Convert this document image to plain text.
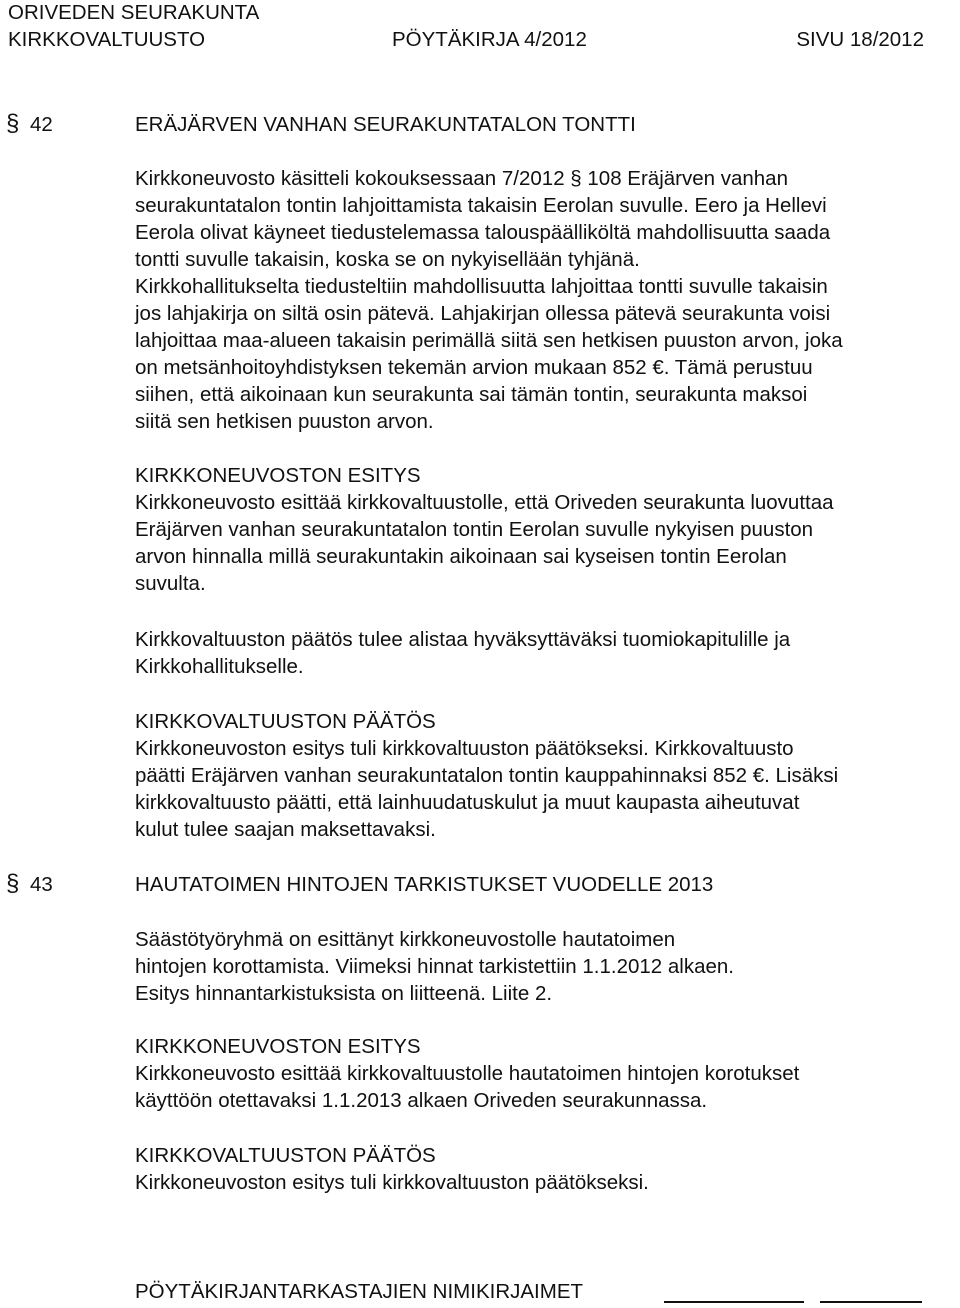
ORIVEDEN SEURAKUNTA
KIRKKOVALTUUSTO	PÖYTÄKIRJA 4/2012	SIVU 18/2012
§ 42	ERÄJÄRVEN VANHAN SEURAKUNTATALON TONTTI
Kirkkoneuvosto käsitteli kokouksessaan 7/2012 § 108 Eräjärven vanhan
seurakuntatalon tontin lahjoittamista takaisin Eerolan suvulle. Eero ja Hellevi
Eerola olivat käyneet tiedustelemassa talouspäälliköltä mahdollisuutta saada
tontti suvulle takaisin, koska se on nykyisellään tyhjänä.
Kirkkohallitukselta tiedusteltiin mahdollisuutta lahjoittaa tontti suvulle takaisin
jos lahjakirja on siltä osin pätevä. Lahjakirjan ollessa pätevä seurakunta voisi
lahjoittaa maa-alueen takaisin perimällä siitä sen hetkisen puuston arvon, joka
on metsänhoitoyhdistyksen tekemän arvion mukaan 852 €. Tämä perustuu
siihen, että aikoinaan kun seurakunta sai tämän tontin, seurakunta maksoi
siitä sen hetkisen puuston arvon.
KIRKKONEUVOSTON ESITYS
Kirkkoneuvosto esittää kirkkovaltuustolle, että Oriveden seurakunta luovuttaa
Eräjärven vanhan seurakuntatalon tontin Eerolan suvulle nykyisen puuston
arvon hinnalla millä seurakuntakin aikoinaan sai kyseisen tontin Eerolan
suvulta.
Kirkkovaltuuston päätös tulee alistaa hyväksyttäväksi tuomiokapitulille ja
Kirkkohallitukselle.
KIRKKOVALTUUSTON PÄÄTÖS
Kirkkoneuvoston esitys tuli kirkkovaltuuston päätökseksi. Kirkkovaltuusto
päätti Eräjärven vanhan seurakuntatalon tontin kauppahinnaksi 852 €. Lisäksi
kirkkovaltuusto päätti, että lainhuudatuskulut ja muut kaupasta aiheutuvat
kulut tulee saajan maksettavaksi.
§ 43	HAUTATOIMEN HINTOJEN TARKISTUKSET VUODELLE 2013
Säästötyöryhmä on esittänyt kirkkoneuvostolle hautatoimen
hintojen korottamista. Viimeksi hinnat tarkistettiin 1.1.2012 alkaen.
Esitys hinnantarkistuksista on liitteenä. Liite 2.
KIRKKONEUVOSTON ESITYS
Kirkkoneuvosto esittää kirkkovaltuustolle hautatoimen hintojen korotukset
käyttöön otettavaksi 1.1.2013 alkaen Oriveden seurakunnassa.
KIRKKOVALTUUSTON PÄÄTÖS
Kirkkoneuvoston esitys tuli kirkkovaltuuston päätökseksi.
PÖYTÄKIRJANTARKASTAJIEN NIMIKIRJAIMET
